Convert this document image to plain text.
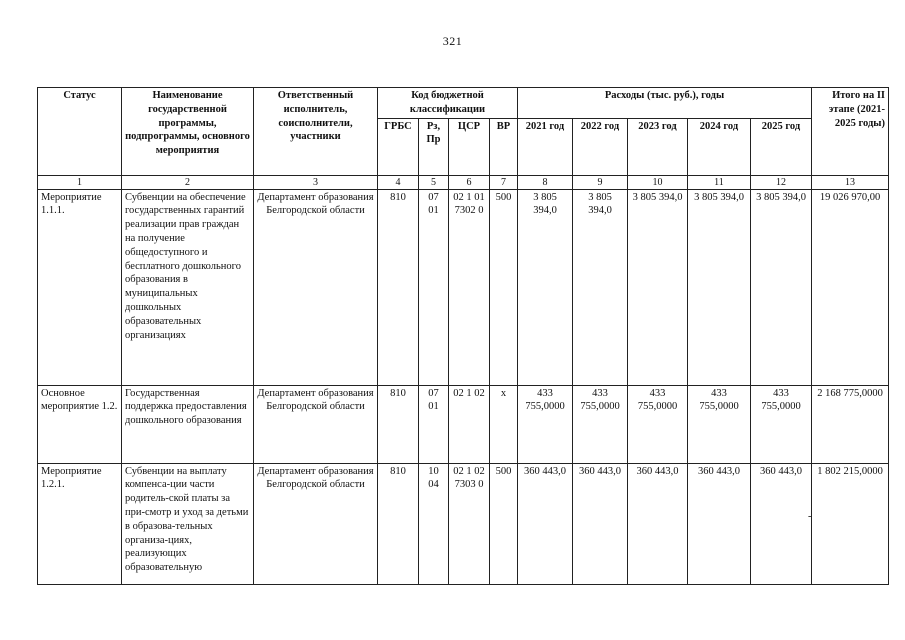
321
Статус	Наименование государственной программы, подпрограммы, основного мероприятия	Ответственный исполнитель, соисполнители, участники	Код бюджетной классификации				Расходы (тыс. руб.), годы					Итого на II этапе (2021-2025 годы)
			ГРБС	Рз, Пр	ЦСР	ВР	2021 год	2022 год	2023 год	2024 год	2025 год	
1	2	3	4	5	6	7	8	9	10	11	12	13
Мероприятие 1.1.1.	Субвенции на обеспечение государственных гарантий реализации прав граждан на получение общедоступного и бесплатного дошкольного образования в муниципальных дошкольных образовательных организациях	Департамент образования Белгородской области	810	07 01	02 1 01 7302 0	500	3 805 394,0	3 805 394,0	3 805 394,0	3 805 394,0	3 805 394,0	19 026 970,00
Основное мероприятие 1.2.	Государственная поддержка предоставления дошкольного образования	Департамент образования Белгородской области	810	07 01	02 1 02	х	433 755,0000	433 755,0000	433 755,0000	433 755,0000	433 755,0000	2 168 775,0000
Мероприятие 1.2.1.	Субвенции на выплату компенса-ции части родитель-ской платы за при-смотр и уход за детьми в образова-тельных организа-циях, реализующих образовательную	Департамент образования Белгородской области	810	10 04	02 1 02 7303 0	500	360 443,0	360 443,0	360 443,0	360 443,0	360 443,0	1 802 215,0000
-
